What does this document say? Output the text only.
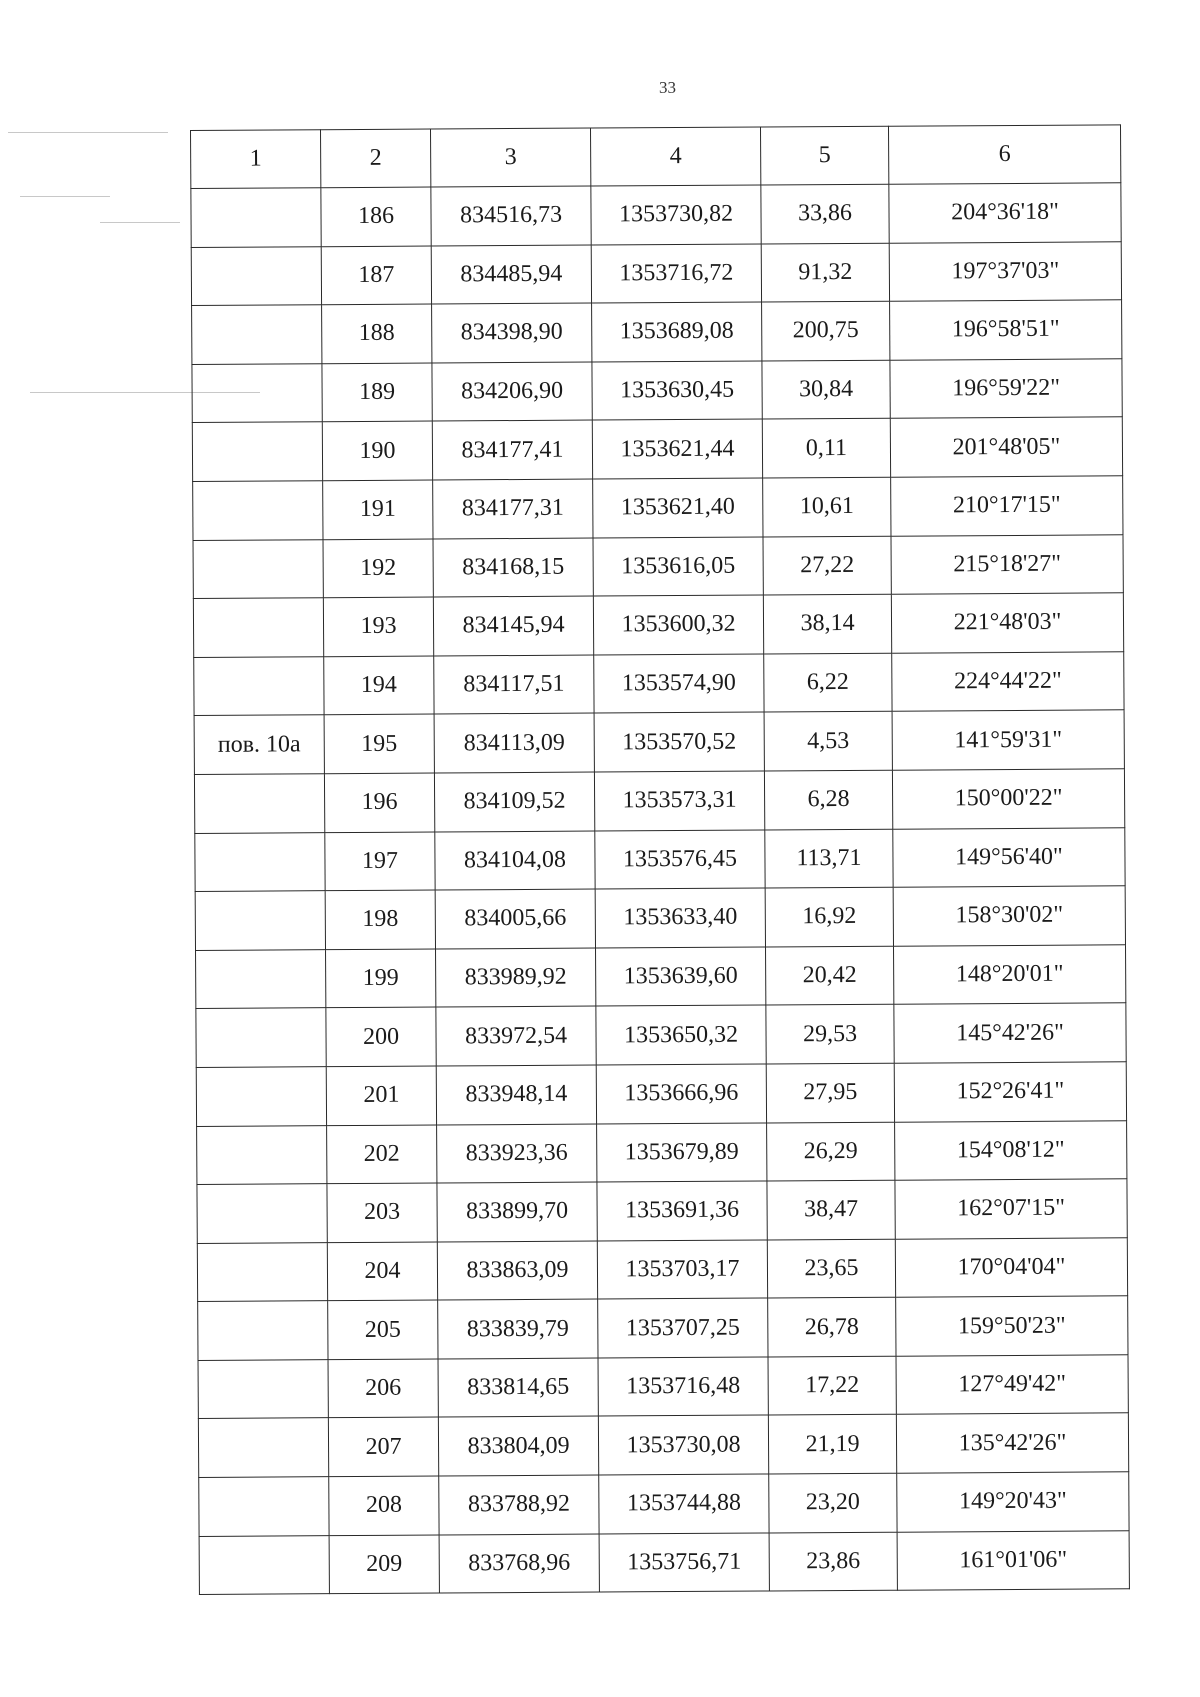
33
1	2	3	4	5	6
	186	834516,73	1353730,82	33,86	204°36'18"
	187	834485,94	1353716,72	91,32	197°37'03"
	188	834398,90	1353689,08	200,75	196°58'51"
	189	834206,90	1353630,45	30,84	196°59'22"
	190	834177,41	1353621,44	0,11	201°48'05"
	191	834177,31	1353621,40	10,61	210°17'15"
	192	834168,15	1353616,05	27,22	215°18'27"
	193	834145,94	1353600,32	38,14	221°48'03"
	194	834117,51	1353574,90	6,22	224°44'22"
пов. 10а	195	834113,09	1353570,52	4,53	141°59'31"
	196	834109,52	1353573,31	6,28	150°00'22"
	197	834104,08	1353576,45	113,71	149°56'40"
	198	834005,66	1353633,40	16,92	158°30'02"
	199	833989,92	1353639,60	20,42	148°20'01"
	200	833972,54	1353650,32	29,53	145°42'26"
	201	833948,14	1353666,96	27,95	152°26'41"
	202	833923,36	1353679,89	26,29	154°08'12"
	203	833899,70	1353691,36	38,47	162°07'15"
	204	833863,09	1353703,17	23,65	170°04'04"
	205	833839,79	1353707,25	26,78	159°50'23"
	206	833814,65	1353716,48	17,22	127°49'42"
	207	833804,09	1353730,08	21,19	135°42'26"
	208	833788,92	1353744,88	23,20	149°20'43"
	209	833768,96	1353756,71	23,86	161°01'06"
